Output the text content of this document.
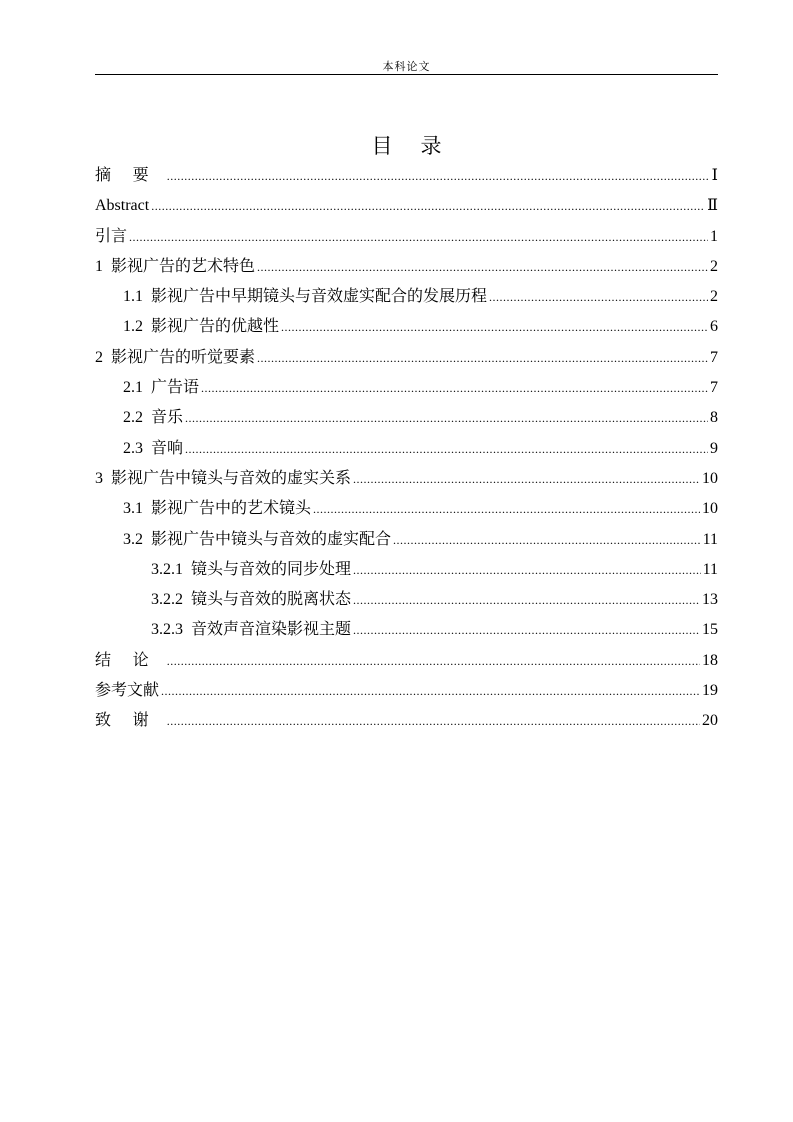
本科论文
目录
摘要 .....	Ⅰ
Abstract .....	Ⅱ
引言 .....	1
1 影视广告的艺术特色 .....	2
1.1 影视广告中早期镜头与音效虚实配合的发展历程 .....	2
1.2 影视广告的优越性 .....	6
2 影视广告的听觉要素 .....	7
2.1 广告语 .....	7
2.2 音乐 .....	8
2.3 音响 .....	9
3 影视广告中镜头与音效的虚实关系 .....	10
3.1 影视广告中的艺术镜头 .....	10
3.2 影视广告中镜头与音效的虚实配合 .....	11
3.2.1 镜头与音效的同步处理 .....	11
3.2.2 镜头与音效的脱离状态 .....	13
3.2.3 音效声音渲染影视主题 .....	15
结论 .....	18
参考文献 .....	19
致谢 .....	20
